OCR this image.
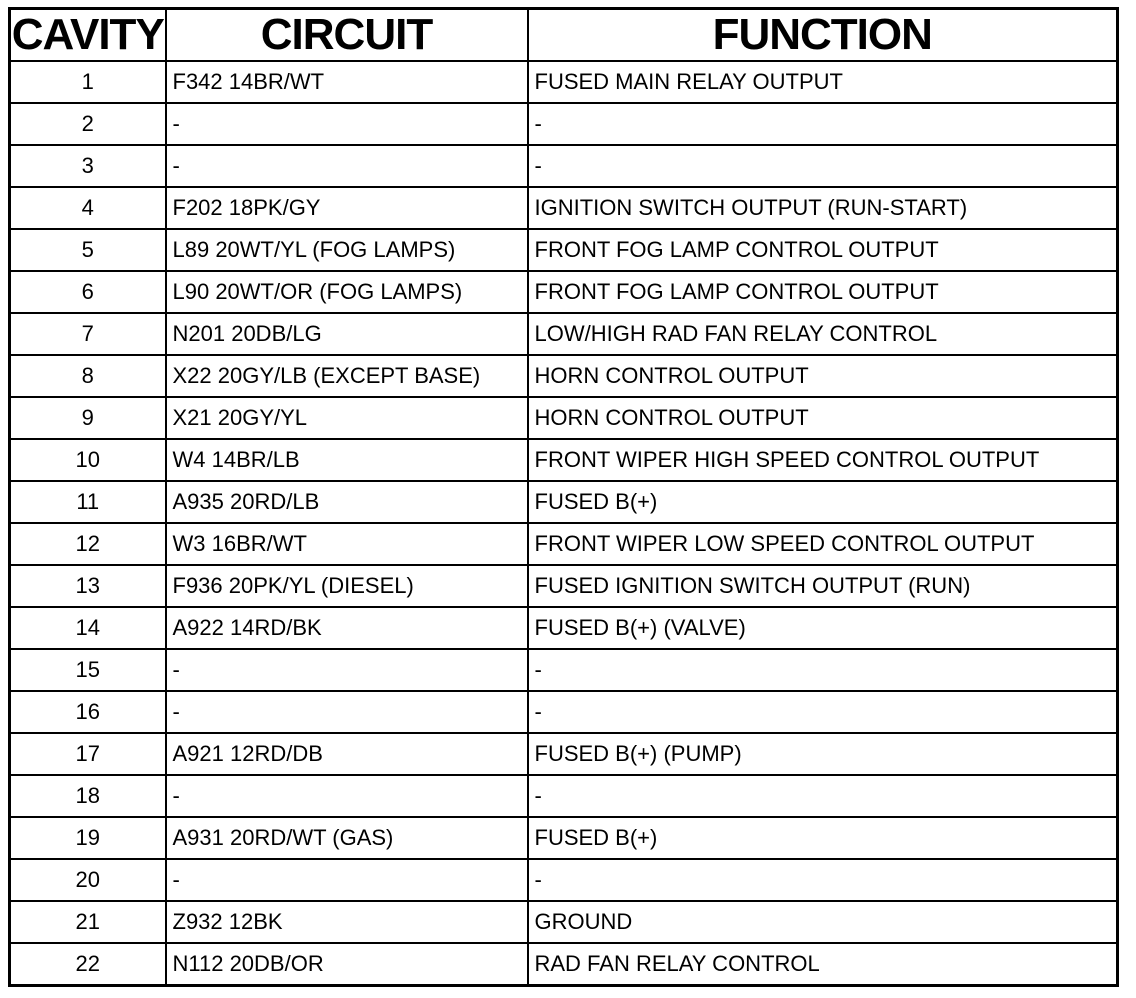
CAVITY	CIRCUIT	FUNCTION
1	F342 14BR/WT	FUSED MAIN RELAY OUTPUT
2	-	-
3	-	-
4	F202 18PK/GY	IGNITION SWITCH OUTPUT (RUN-START)
5	L89 20WT/YL (FOG LAMPS)	FRONT FOG LAMP CONTROL OUTPUT
6	L90 20WT/OR (FOG LAMPS)	FRONT FOG LAMP CONTROL OUTPUT
7	N201 20DB/LG	LOW/HIGH RAD FAN RELAY CONTROL
8	X22 20GY/LB (EXCEPT BASE)	HORN CONTROL OUTPUT
9	X21 20GY/YL	HORN CONTROL OUTPUT
10	W4 14BR/LB	FRONT WIPER HIGH SPEED CONTROL OUTPUT
11	A935 20RD/LB	FUSED B(+)
12	W3 16BR/WT	FRONT WIPER LOW SPEED CONTROL OUTPUT
13	F936 20PK/YL (DIESEL)	FUSED IGNITION SWITCH OUTPUT (RUN)
14	A922 14RD/BK	FUSED B(+) (VALVE)
15	-	-
16	-	-
17	A921 12RD/DB	FUSED B(+) (PUMP)
18	-	-
19	A931 20RD/WT (GAS)	FUSED B(+)
20	-	-
21	Z932 12BK	GROUND
22	N112 20DB/OR	RAD FAN RELAY CONTROL
